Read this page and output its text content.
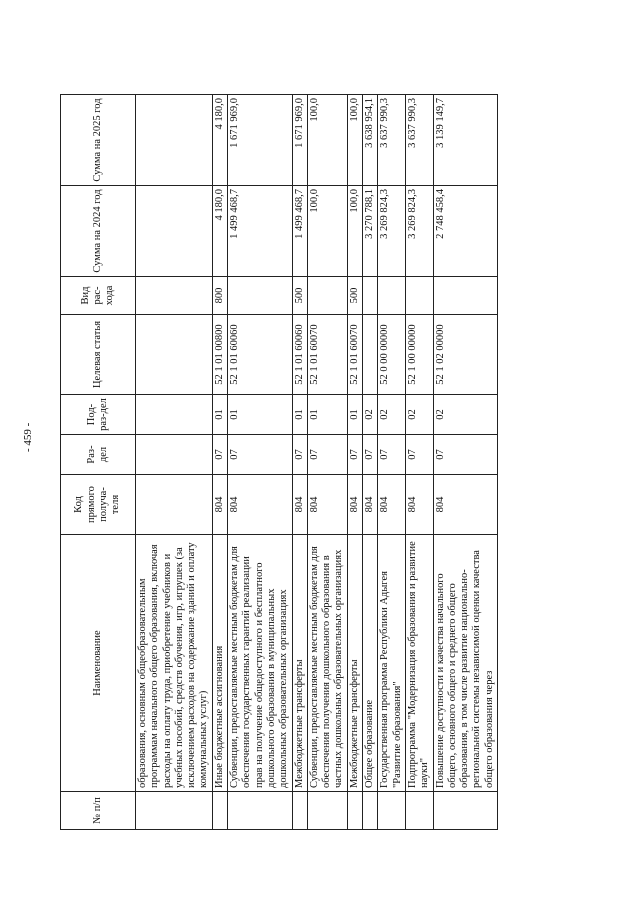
- 459 -
№ п/п	Наименование	Код прямого получа-теля	Раз-дел	Под-раз-дел	Целевая статья	Вид рас-хода	Сумма на 2024 год	Сумма на 2025 год
	образования, основным общеобразовательным программам начального общего образования, включая расходы на оплату труда, приобретение учебников и учебных пособий, средств обучения, игр, игрушек (за исключением расходов на содержание зданий и оплату коммунальных услуг)							
	Иные бюджетные ассигнования	804	07	01	52 1 01 00800	800	4 180,0	4 180,0
	Субвенции, предоставляемые местным бюджетам для обеспечения государственных гарантий реализации прав на получение общедоступного и бесплатного дошкольного образования в муниципальных дошкольных образовательных организациях	804	07	01	52 1 01 60060		1 499 468,7	1 671 969,0
	Межбюджетные трансферты	804	07	01	52 1 01 60060	500	1 499 468,7	1 671 969,0
	Субвенции, предоставляемые местным бюджетам для обеспечения получения дошкольного образования в частных дошкольных образовательных организациях	804	07	01	52 1 01 60070		100,0	100,0
	Межбюджетные трансферты	804	07	01	52 1 01 60070	500	100,0	100,0
	Общее образование	804	07	02			3 270 788,1	3 638 954,1
	Государственная программа Республики Адыгея "Развитие образования"	804	07	02	52 0 00 00000		3 269 824,3	3 637 990,3
	Подпрограмма "Модернизация образования и развитие науки"	804	07	02	52 1 00 00000		3 269 824,3	3 637 990,3
	Повышение доступности и качества начального общего, основного общего и среднего общего образования, в том числе развитие национально-региональной системы независимой оценки качества общего образования через	804	07	02	52 1 02 00000		2 748 458,4	3 139 149,7
